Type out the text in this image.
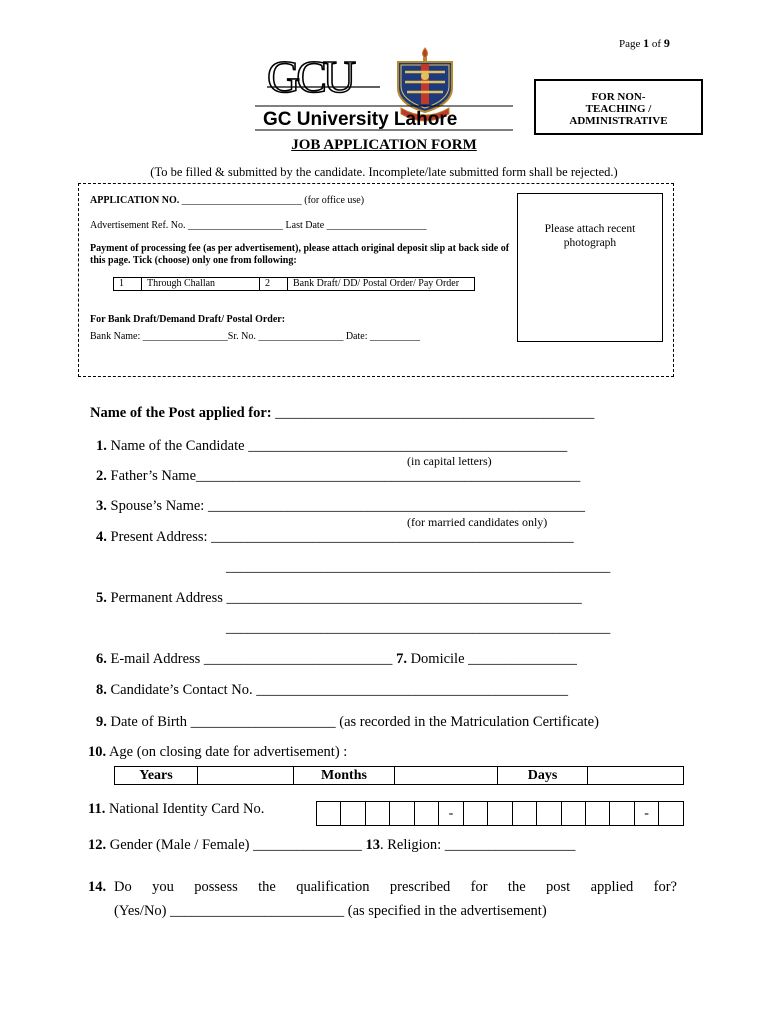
Page 1 of 9
GCU
GC University Lahore
FOR NON-
TEACHING /
ADMINISTRATIVE
JOB APPLICATION FORM
(To be filled & submitted by the candidate. Incomplete/late submitted form shall be rejected.)
APPLICATION NO. ________________________ (for office use)
Advertisement Ref. No. ___________________ Last Date ____________________
Payment of processing fee (as per advertisement), please attach original deposit slip at back side of this page. Tick (choose) only one from following:
1	Through Challan	2	Bank Draft/ DD/ Postal Order/ Pay Order
For Bank Draft/Demand Draft/ Postal Order:
Bank Name: _________________Sr. No. _________________ Date: __________
Please attach recent
photograph
Name of the Post applied for: ____________________________________________
1. Name of the Candidate ____________________________________________
(in capital letters)
2. Father’s Name_____________________________________________________
3. Spouse’s Name: ____________________________________________________
(for married candidates only)
4. Present Address: __________________________________________________
_____________________________________________________
5. Permanent Address _________________________________________________
_____________________________________________________
6. E-mail Address __________________________ 7. Domicile _______________
8. Candidate’s Contact No. ___________________________________________
9. Date of Birth ____________________ (as recorded in the Matriculation Certificate)
10. Age (on closing date for advertisement) :
Years		Months		Days	
11. National Identity Card No.
						-								-	
12. Gender (Male / Female) _______________ 13. Religion: __________________
14. Do you possess the qualification prescribed for the post applied for?
(Yes/No) ________________________ (as specified in the advertisement)
